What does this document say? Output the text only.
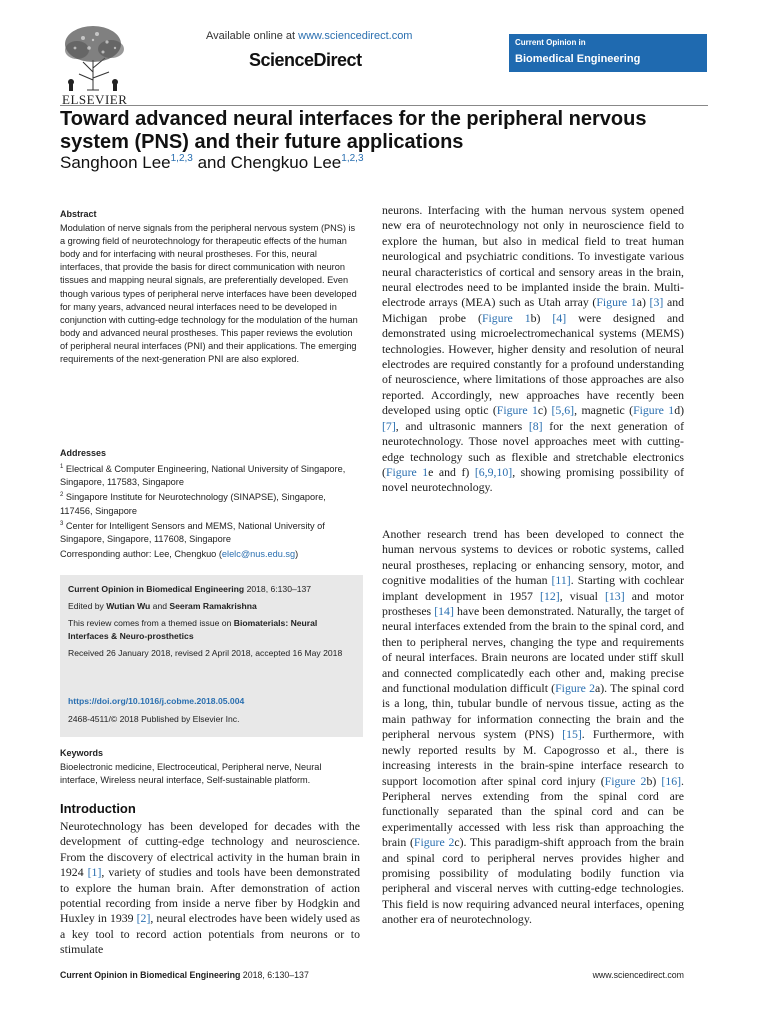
ELSEVIER
Available online at www.sciencedirect.com
ScienceDirect
Current Opinion in
Biomedical Engineering
Toward advanced neural interfaces for the peripheral nervous system (PNS) and their future applications
Sanghoon Lee$^{1,2,3}$ and Chengkuo Lee$^{1,2,3}$
Abstract

Modulation of nerve signals from the peripheral nervous system (PNS) is a growing field of neurotechnology for therapeutic effects of the human body and for interfacing with neural prostheses. For this, neural interfaces, that provide the basis for direct communication with neuron tissues and mapping neural signals, are preferentially developed. Even though various types of peripheral nerve interfaces have been developed for many years, advanced neural interfaces need to be developed in conjunction with cutting-edge technology for the modulation of the human body and advanced neural prostheses. This paper reviews the evolution of peripheral neural interfaces (PNI) and their applications. The emerging requirements of the next-generation PNI are also explored.

Addresses

$^1$ Electrical & Computer Engineering, National University of Singapore, Singapore, 117583, Singapore

$^2$ Singapore Institute for Neurotechnology (SINAPSE), Singapore, 117456, Singapore

$^3$ Center for Intelligent Sensors and MEMS, National University of Singapore, Singapore, 117608, Singapore

Corresponding author: Lee, Chengkuo (elelc@nus.edu.sg)
Current Opinion in Biomedical Engineering 2018, 6:130–137
Edited by Wutian Wu and Seeram Ramakrishna
This review comes from a themed issue on Biomaterials: Neural Interfaces & Neuro-prosthetics
Received 26 January 2018, revised 2 April 2018, accepted 16 May 2018
https://doi.org/10.1016/j.cobme.2018.05.004
2468-4511/© 2018 Published by Elsevier Inc.
Keywords
Bioelectronic medicine, Electroceutical, Peripheral nerve, Neural interface, Wireless neural interface, Self-sustainable platform.
Introduction
Neurotechnology has been developed for decades with the development of cutting-edge technology and neuroscience. From the discovery of electrical activity in the human brain in 1924 [1], variety of studies and tools have been demonstrated to explore the human brain. After demonstration of action potential recording from inside a nerve fiber by Hodgkin and Huxley in 1939 [2], neural electrodes have been widely used as a key tool to record action potentials from neurons or to stimulate

neurons. Interfacing with the human nervous system opened new era of neurotechnology not only in neuroscience field to explore the human, but also in medical field to treat human neurological and psychiatric conditions. To investigate various neural characteristics of cortical and sensory areas in the brain, neural electrodes need to be implanted inside the brain. Multi-electrode arrays (MEA) such as Utah array (Figure 1a) [3] and Michigan probe (Figure 1b) [4] were designed and demonstrated using microelectromechanical systems (MEMS) technologies. However, higher density and resolution of neural electrodes are required constantly for a profound understanding of neuroscience, where limitations of those approaches are also reported. Accordingly, new approaches have recently been developed using optic (Figure 1c) [5,6], magnetic (Figure 1d) [7], and ultrasonic manners [8] for the next generation of neurotechnology. Those novel approaches meet with cutting-edge technology such as flexible and stretchable electronics (Figure 1e and f) [6,9,10], showing promising possibility of novel neurotechnology.

Another research trend has been developed to connect the human nervous systems to devices or robotic systems, called neural prostheses, replacing or enhancing sensory, motor, and cognitive modalities of the human [11]. Starting with cochlear implant development in 1957 [12], visual [13] and motor prostheses [14] have been demonstrated. Naturally, the target of neural interfaces extended from the brain to the spinal cord, and then to peripheral nerves, changing the type and requirements of neural interfaces. Brain neurons are located under stiff skull and connected complicatedly each other and, making precise and functional modulation difficult (Figure 2a). The spinal cord is a long, thin, tubular bundle of nervous tissue, acting as the main pathway for information connecting the brain and the peripheral nervous system (PNS) [15]. Furthermore, with newly reported results by M. Capogrosso et al., there is increasing interests in the brain-spine interface research to support locomotion after spinal cord injury (Figure 2b) [16]. Peripheral nerves extending from the spinal cord are functionally separated than the spinal cord and can be experimentally accessed with less risk than approaching the brain (Figure 2c). This paradigm-shift approach from the brain and spinal cord to peripheral nerves provides higher and promising possibility of modulating bodily function via peripheral and visceral nerves with cutting-edge technologies. This field is now requiring advanced neural interfaces, opening another era of neurotechnology.

Current Opinion in Biomedical Engineering 2018, 6:130–137	www.sciencedirect.com
